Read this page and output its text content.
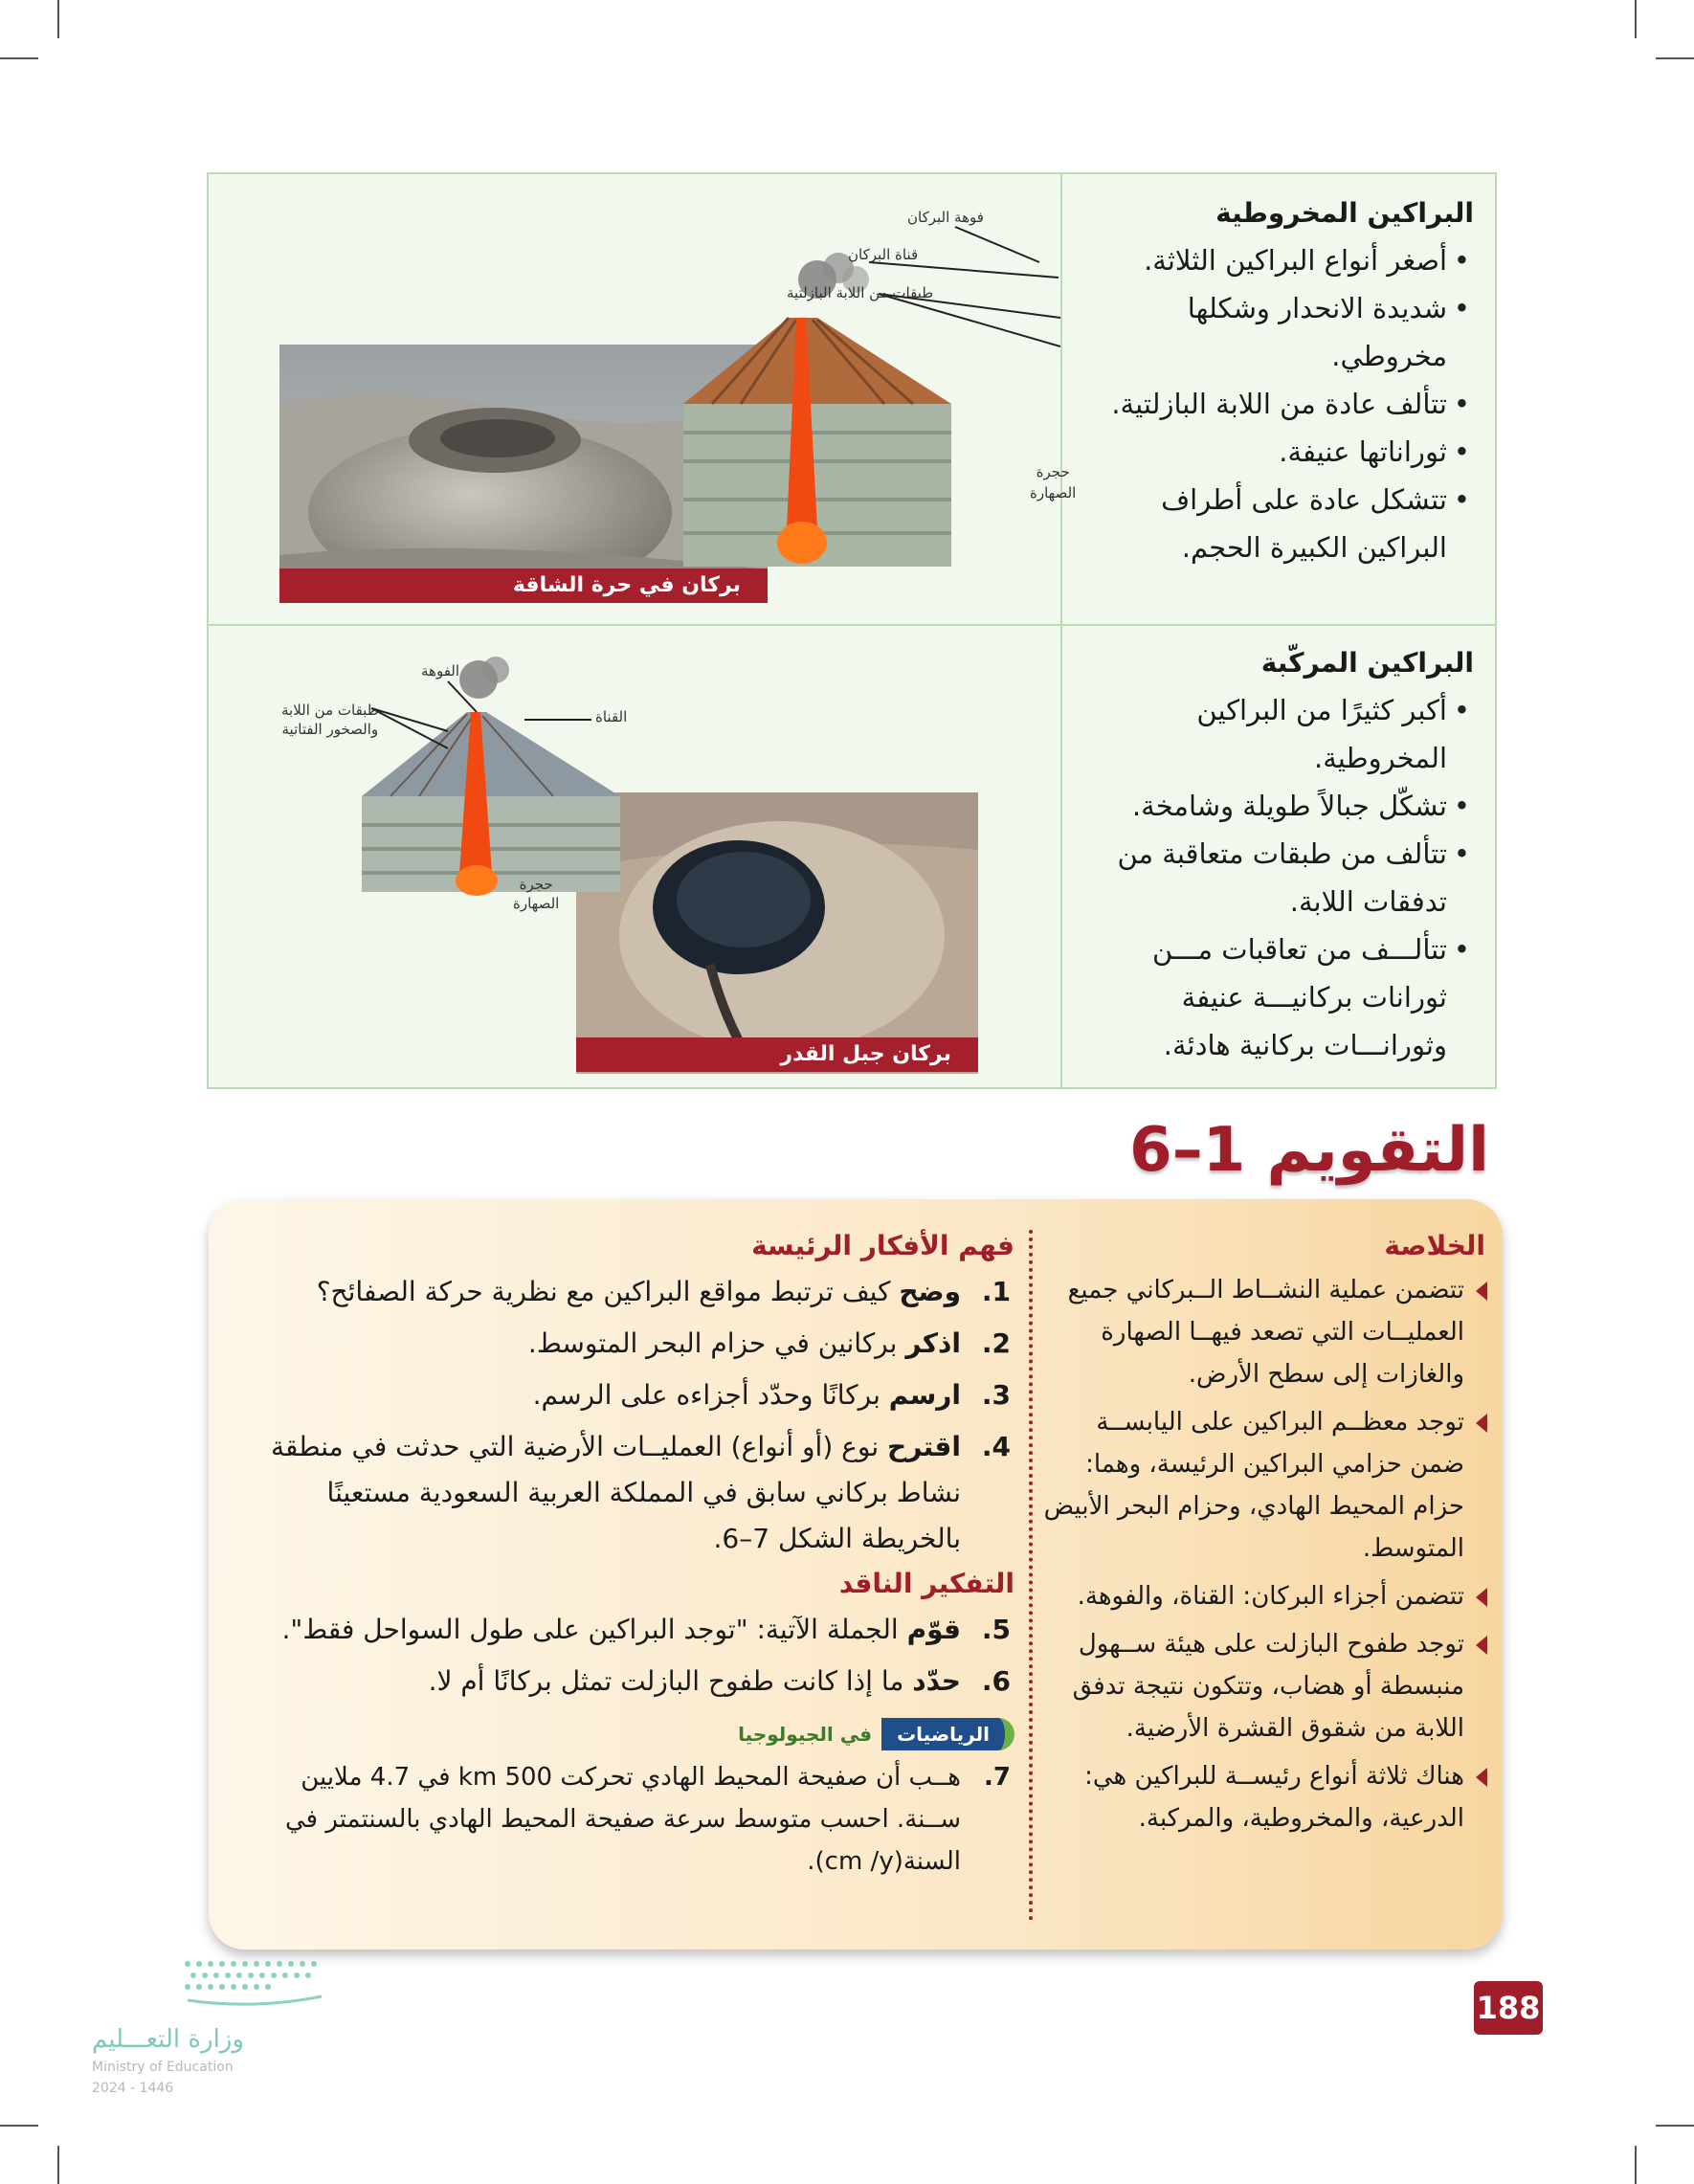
البراكين المخروطية
• أصغر أنواع البراكين الثلاثة.
• شديدة الانحدار وشكلها مخروطي.
• تتألف عادة من اللابة البازلتية.
• ثوراناتها عنيفة.
• تتشكل عادة على أطراف البراكين الكبيرة الحجم.
فوهة البركان
قناة البركان
طبقات من اللابة البازلتية
حجرة
الصهارة
بركان في حرة الشاقة
البراكين المركّبة
• أكبر كثيرًا من البراكين المخروطية.
• تشكّل جبالاً طويلة وشامخة.
• تتألف من طبقات متعاقبة من تدفقات اللابة.
• تتألـــف من تعاقبات مـــن ثورانات بركانيـــة عنيفة وثورانـــات بركانية هادئة.
الفوهة
القناة
طبقات من اللابة
والصخور الفتاتية
حجرة
الصهارة
بركان جبل القدر
التقويم 1–6
الخلاصة
تتضمن عملية النشــاط الــبركاني جميع العمليــات التي تصعد فيهــا الصهارة والغازات إلى سطح الأرض.
توجد معظــم البراكين على اليابســة ضمن حزامي البراكين الرئيسة، وهما: حزام المحيط الهادي، وحزام البحر الأبيض المتوسط.
تتضمن أجزاء البركان: القناة، والفوهة.
توجد طفوح البازلت على هيئة ســهول منبسطة أو هضاب، وتتكون نتيجة تدفق اللابة من شقوق القشرة الأرضية.
هناك ثلاثة أنواع رئيســة للبراكين هي: الدرعية، والمخروطية، والمركبة.
فهم الأفكار الرئيسة
1.
وضح كيف ترتبط مواقع البراكين مع نظرية حركة الصفائح؟
2.
اذكر بركانين في حزام البحر المتوسط.
3.
ارسم بركانًا وحدّد أجزاءه على الرسم.
4.
اقترح نوع (أو أنواع) العمليــات الأرضية التي حدثت في منطقة نشاط بركاني سابق في المملكة العربية السعودية مستعينًا بالخريطة الشكل 7–6.
التفكير الناقد
5.
قوّم الجملة الآتية: "توجد البراكين على طول السواحل فقط".
6.
حدّد ما إذا كانت طفوح البازلت تمثل بركانًا أم لا.
الرياضياتفي الجيولوجيا
7.
هــب أن صفيحة المحيط الهادي تحركت 500 km في 4.7 ملايين ســنة. احسب متوسط سرعة صفيحة المحيط الهادي بالسنتمتر في السنة(cm /y).
188
وزارة التعـــليم
Ministry of Education
2024 - 1446
